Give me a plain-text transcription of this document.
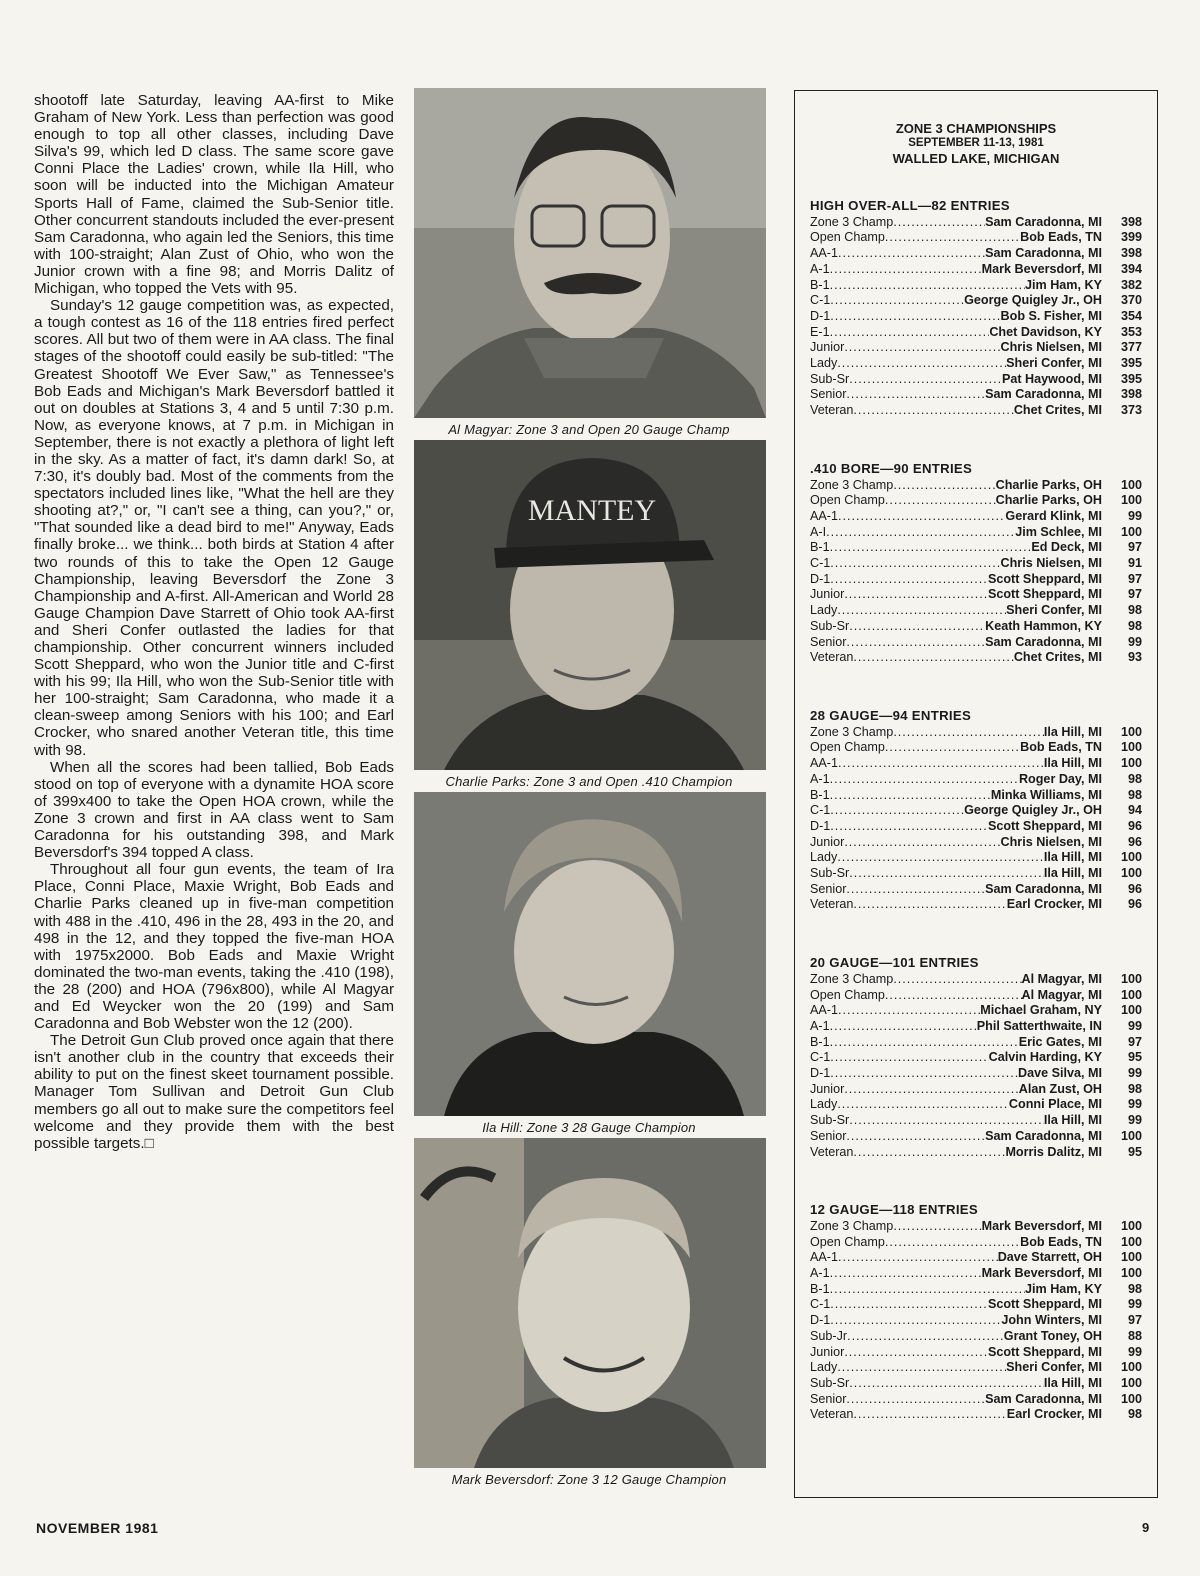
shootoff late Saturday, leaving AA-first to Mike Graham of New York. Less than perfection was good enough to top all other classes, including Dave Silva's 99, which led D class. The same score gave Conni Place the Ladies' crown, while Ila Hill, who soon will be inducted into the Michigan Amateur Sports Hall of Fame, claimed the Sub-Senior title. Other concurrent standouts included the ever-present Sam Caradonna, who again led the Seniors, this time with 100-straight; Alan Zust of Ohio, who won the Junior crown with a fine 98; and Morris Dalitz of Michigan, who topped the Vets with 95.

Sunday's 12 gauge competition was, as expected, a tough contest as 16 of the 118 entries fired perfect scores. All but two of them were in AA class. The final stages of the shootoff could easily be sub-titled: "The Greatest Shootoff We Ever Saw," as Tennessee's Bob Eads and Michigan's Mark Beversdorf battled it out on doubles at Stations 3, 4 and 5 until 7:30 p.m. Now, as everyone knows, at 7 p.m. in Michigan in September, there is not exactly a plethora of light left in the sky. As a matter of fact, it's damn dark! So, at 7:30, it's doubly bad. Most of the comments from the spectators included lines like, "What the hell are they shooting at?," or, "I can't see a thing, can you?," or, "That sounded like a dead bird to me!" Anyway, Eads finally broke... we think... both birds at Station 4 after two rounds of this to take the Open 12 Gauge Championship, leaving Beversdorf the Zone 3 Championship and A-first. All-American and World 28 Gauge Champion Dave Starrett of Ohio took AA-first and Sheri Confer outlasted the ladies for that championship. Other concurrent winners included Scott Sheppard, who won the Junior title and C-first with his 99; Ila Hill, who won the Sub-Senior title with her 100-straight; Sam Caradonna, who made it a clean-sweep among Seniors with his 100; and Earl Crocker, who snared another Veteran title, this time with 98.

When all the scores had been tallied, Bob Eads stood on top of everyone with a dynamite HOA score of 399x400 to take the Open HOA crown, while the Zone 3 crown and first in AA class went to Sam Caradonna for his outstanding 398, and Mark Beversdorf's 394 topped A class.

Throughout all four gun events, the team of Ira Place, Conni Place, Maxie Wright, Bob Eads and Charlie Parks cleaned up in five-man competition with 488 in the .410, 496 in the 28, 493 in the 20, and 498 in the 12, and they topped the five-man HOA with 1975x2000. Bob Eads and Maxie Wright dominated the two-man events, taking the .410 (198), the 28 (200) and HOA (796x800), while Al Magyar and Ed Weycker won the 20 (199) and Sam Caradonna and Bob Webster won the 12 (200).

The Detroit Gun Club proved once again that there isn't another club in the country that exceeds their ability to put on the finest skeet tournament possible. Manager Tom Sullivan and Detroit Gun Club members go all out to make sure the competitors feel welcome and they provide them with the best possible targets.□

Al Magyar: Zone 3 and Open 20 Gauge Champ
MANTEY
Charlie Parks: Zone 3 and Open .410 Champion
Ila Hill: Zone 3 28 Gauge Champion
Mark Beversdorf: Zone 3 12 Gauge Champion
ZONE 3 CHAMPIONSHIPS
SEPTEMBER 11-13, 1981
WALLED LAKE, MICHIGAN
HIGH OVER-ALL—82 ENTRIES
Zone 3 Champ .....	Sam Caradonna, MI	398
Open Champ .....	Bob Eads, TN	399
AA-1 .....	Sam Caradonna, MI	398
A-1 .....	Mark Beversdorf, MI	394
B-1 .....	Jim Ham, KY	382
C-1 .....	George Quigley Jr., OH	370
D-1 .....	Bob S. Fisher, MI	354
E-1 .....	Chet Davidson, KY	353
Junior .....	Chris Nielsen, MI	377
Lady .....	Sheri Confer, MI	395
Sub-Sr .....	Pat Haywood, MI	395
Senior .....	Sam Caradonna, MI	398
Veteran .....	Chet Crites, MI	373
.410 BORE—90 ENTRIES
Zone 3 Champ .....	Charlie Parks, OH	100
Open Champ .....	Charlie Parks, OH	100
AA-1 .....	Gerard Klink, MI	99
A-I .....	Jim Schlee, MI	100
B-1 .....	Ed Deck, MI	97
C-1 .....	Chris Nielsen, MI	91
D-1 .....	Scott Sheppard, MI	97
Junior .....	Scott Sheppard, MI	97
Lady .....	Sheri Confer, MI	98
Sub-Sr .....	Keath Hammon, KY	98
Senior .....	Sam Caradonna, MI	99
Veteran .....	Chet Crites, MI	93
28 GAUGE—94 ENTRIES
Zone 3 Champ .....	Ila Hill, MI	100
Open Champ .....	Bob Eads, TN	100
AA-1 .....	Ila Hill, MI	100
A-1 .....	Roger Day, MI	98
B-1 .....	Minka Williams, MI	98
C-1 .....	George Quigley Jr., OH	94
D-1 .....	Scott Sheppard, MI	96
Junior .....	Chris Nielsen, MI	96
Lady .....	Ila Hill, MI	100
Sub-Sr .....	Ila Hill, MI	100
Senior .....	Sam Caradonna, MI	96
Veteran .....	Earl Crocker, MI	96
20 GAUGE—101 ENTRIES
Zone 3 Champ .....	Al Magyar, MI	100
Open Champ .....	Al Magyar, MI	100
AA-1 .....	Michael Graham, NY	100
A-1 .....	Phil Satterthwaite, IN	99
B-1 .....	Eric Gates, MI	97
C-1 .....	Calvin Harding, KY	95
D-1 .....	Dave Silva, MI	99
Junior .....	Alan Zust, OH	98
Lady .....	Conni Place, MI	99
Sub-Sr .....	Ila Hill, MI	99
Senior .....	Sam Caradonna, MI	100
Veteran .....	Morris Dalitz, MI	95
12 GAUGE—118 ENTRIES
Zone 3 Champ .....	Mark Beversdorf, MI	100
Open Champ .....	Bob Eads, TN	100
AA-1 .....	Dave Starrett, OH	100
A-1 .....	Mark Beversdorf, MI	100
B-1 .....	Jim Ham, KY	98
C-1 .....	Scott Sheppard, MI	99
D-1 .....	John Winters, MI	97
Sub-Jr .....	Grant Toney, OH	88
Junior .....	Scott Sheppard, MI	99
Lady .....	Sheri Confer, MI	100
Sub-Sr .....	Ila Hill, MI	100
Senior .....	Sam Caradonna, MI	100
Veteran .....	Earl Crocker, MI	98
NOVEMBER 1981	9
